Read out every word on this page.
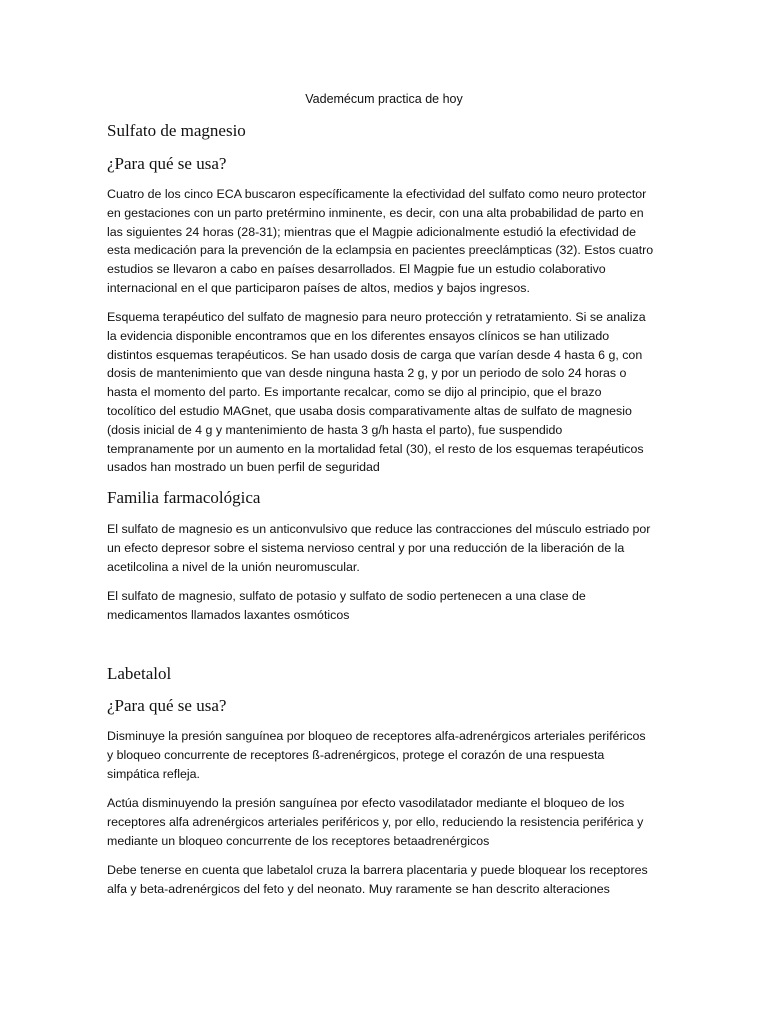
Vademécum practica de hoy
Sulfato de magnesio
¿Para qué se usa?
Cuatro de los cinco ECA buscaron específicamente la efectividad del sulfato como neuro protector
en gestaciones con un parto pretérmino inminente, es decir, con una alta probabilidad de parto en
las siguientes 24 horas (28-31); mientras que el Magpie adicionalmente estudió la efectividad de
esta medicación para la prevención de la eclampsia en pacientes preeclámpticas (32). Estos cuatro
estudios se llevaron a cabo en países desarrollados. El Magpie fue un estudio colaborativo
internacional en el que participaron países de altos, medios y bajos ingresos.
Esquema terapéutico del sulfato de magnesio para neuro protección y retratamiento. Si se analiza
la evidencia disponible encontramos que en los diferentes ensayos clínicos se han utilizado
distintos esquemas terapéuticos. Se han usado dosis de carga que varían desde 4 hasta 6 g, con
dosis de mantenimiento que van desde ninguna hasta 2 g, y por un periodo de solo 24 horas o
hasta el momento del parto. Es importante recalcar, como se dijo al principio, que el brazo
tocolítico del estudio MAGnet, que usaba dosis comparativamente altas de sulfato de magnesio
(dosis inicial de 4 g y mantenimiento de hasta 3 g/h hasta el parto), fue suspendido
tempranamente por un aumento en la mortalidad fetal (30), el resto de los esquemas terapéuticos
usados han mostrado un buen perfil de seguridad
Familia farmacológica
El sulfato de magnesio es un anticonvulsivo que reduce las contracciones del músculo estriado por
un efecto depresor sobre el sistema nervioso central y por una reducción de la liberación de la
acetilcolina a nivel de la unión neuromuscular.
El sulfato de magnesio, sulfato de potasio y sulfato de sodio pertenecen a una clase de
medicamentos llamados laxantes osmóticos
Labetalol
¿Para qué se usa?
Disminuye la presión sanguínea por bloqueo de receptores alfa-adrenérgicos arteriales periféricos
y bloqueo concurrente de receptores ß-adrenérgicos, protege el corazón de una respuesta
simpática refleja.
Actúa disminuyendo la presión sanguínea por efecto vasodilatador mediante el bloqueo de los
receptores alfa adrenérgicos arteriales periféricos y, por ello, reduciendo la resistencia periférica y
mediante un bloqueo concurrente de los receptores betaadrenérgicos
Debe tenerse en cuenta que labetalol cruza la barrera placentaria y puede bloquear los receptores
alfa y beta-adrenérgicos del feto y del neonato. Muy raramente se han descrito alteraciones
